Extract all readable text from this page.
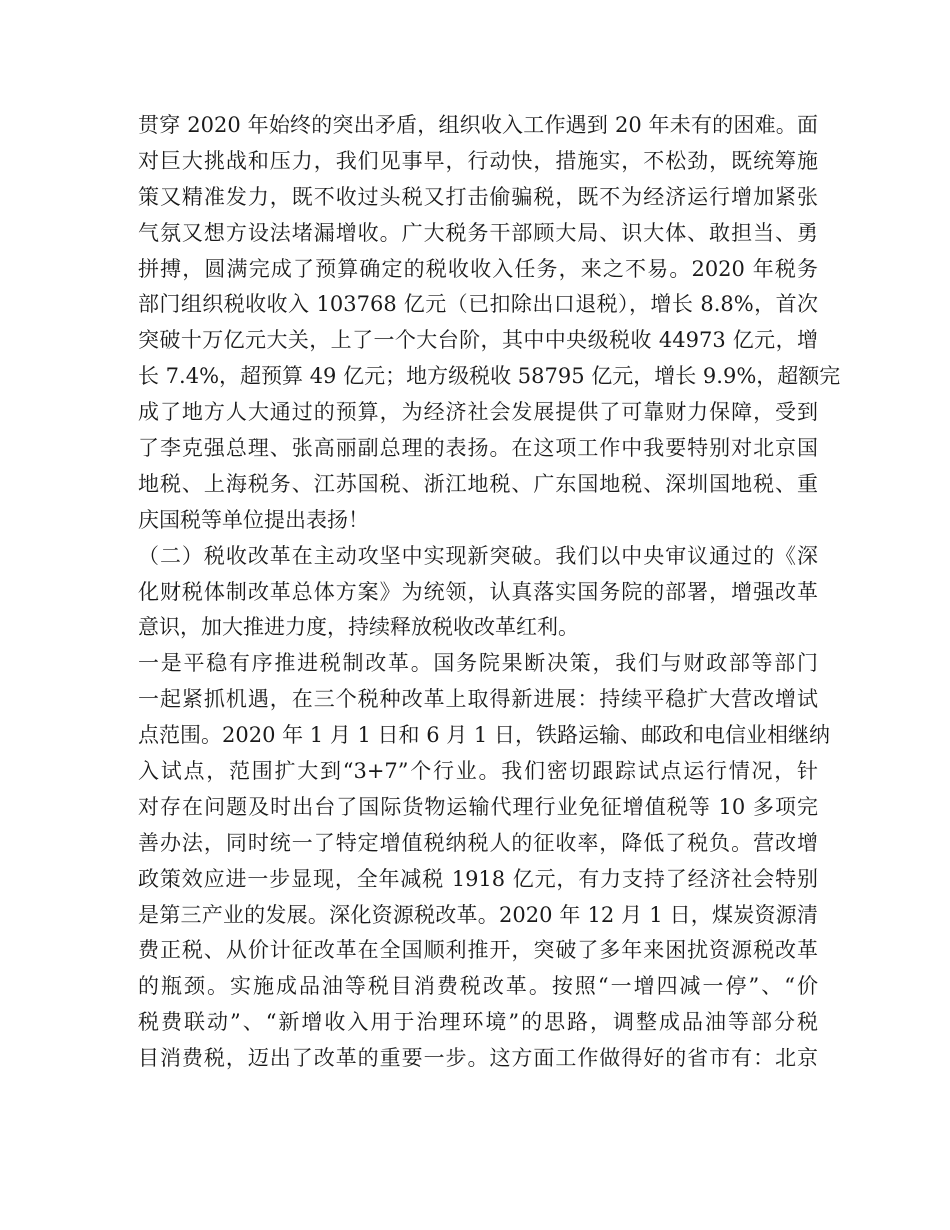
贯穿 2020 年始终的突出矛盾，组织收入工作遇到 20 年未有的困难。面
对巨大挑战和压力，我们见事早，行动快，措施实，不松劲，既统筹施
策又精准发力，既不收过头税又打击偷骗税，既不为经济运行增加紧张
气氛又想方设法堵漏增收。广大税务干部顾大局、识大体、敢担当、勇
拼搏，圆满完成了预算确定的税收收入任务，来之不易。2020 年税务
部门组织税收收入 103768 亿元（已扣除出口退税），增长 8.8%，首次
突破十万亿元大关，上了一个大台阶，其中中央级税收 44973 亿元，增
长 7.4%，超预算 49 亿元；地方级税收 58795 亿元，增长 9.9%，超额完
成了地方人大通过的预算，为经济社会发展提供了可靠财力保障，受到
了李克强总理、张高丽副总理的表扬。在这项工作中我要特别对北京国
地税、上海税务、江苏国税、浙江地税、广东国地税、深圳国地税、重
庆国税等单位提出表扬！
（二）税收改革在主动攻坚中实现新突破。我们以中央审议通过的《深
化财税体制改革总体方案》为统领，认真落实国务院的部署，增强改革
意识，加大推进力度，持续释放税收改革红利。
一是平稳有序推进税制改革。国务院果断决策，我们与财政部等部门
一起紧抓机遇，在三个税种改革上取得新进展：持续平稳扩大营改增试
点范围。2020 年 1 月 1 日和 6 月 1 日，铁路运输、邮政和电信业相继纳
入试点，范围扩大到“3+7”个行业。我们密切跟踪试点运行情况，针
对存在问题及时出台了国际货物运输代理行业免征增值税等 10 多项完
善办法，同时统一了特定增值税纳税人的征收率，降低了税负。营改增
政策效应进一步显现，全年减税 1918 亿元，有力支持了经济社会特别
是第三产业的发展。深化资源税改革。2020 年 12 月 1 日，煤炭资源清
费正税、从价计征改革在全国顺利推开，突破了多年来困扰资源税改革
的瓶颈。实施成品油等税目消费税改革。按照“一增四减一停”、“价
税费联动”、“新增收入用于治理环境”的思路，调整成品油等部分税
目消费税，迈出了改革的重要一步。这方面工作做得好的省市有：北京
